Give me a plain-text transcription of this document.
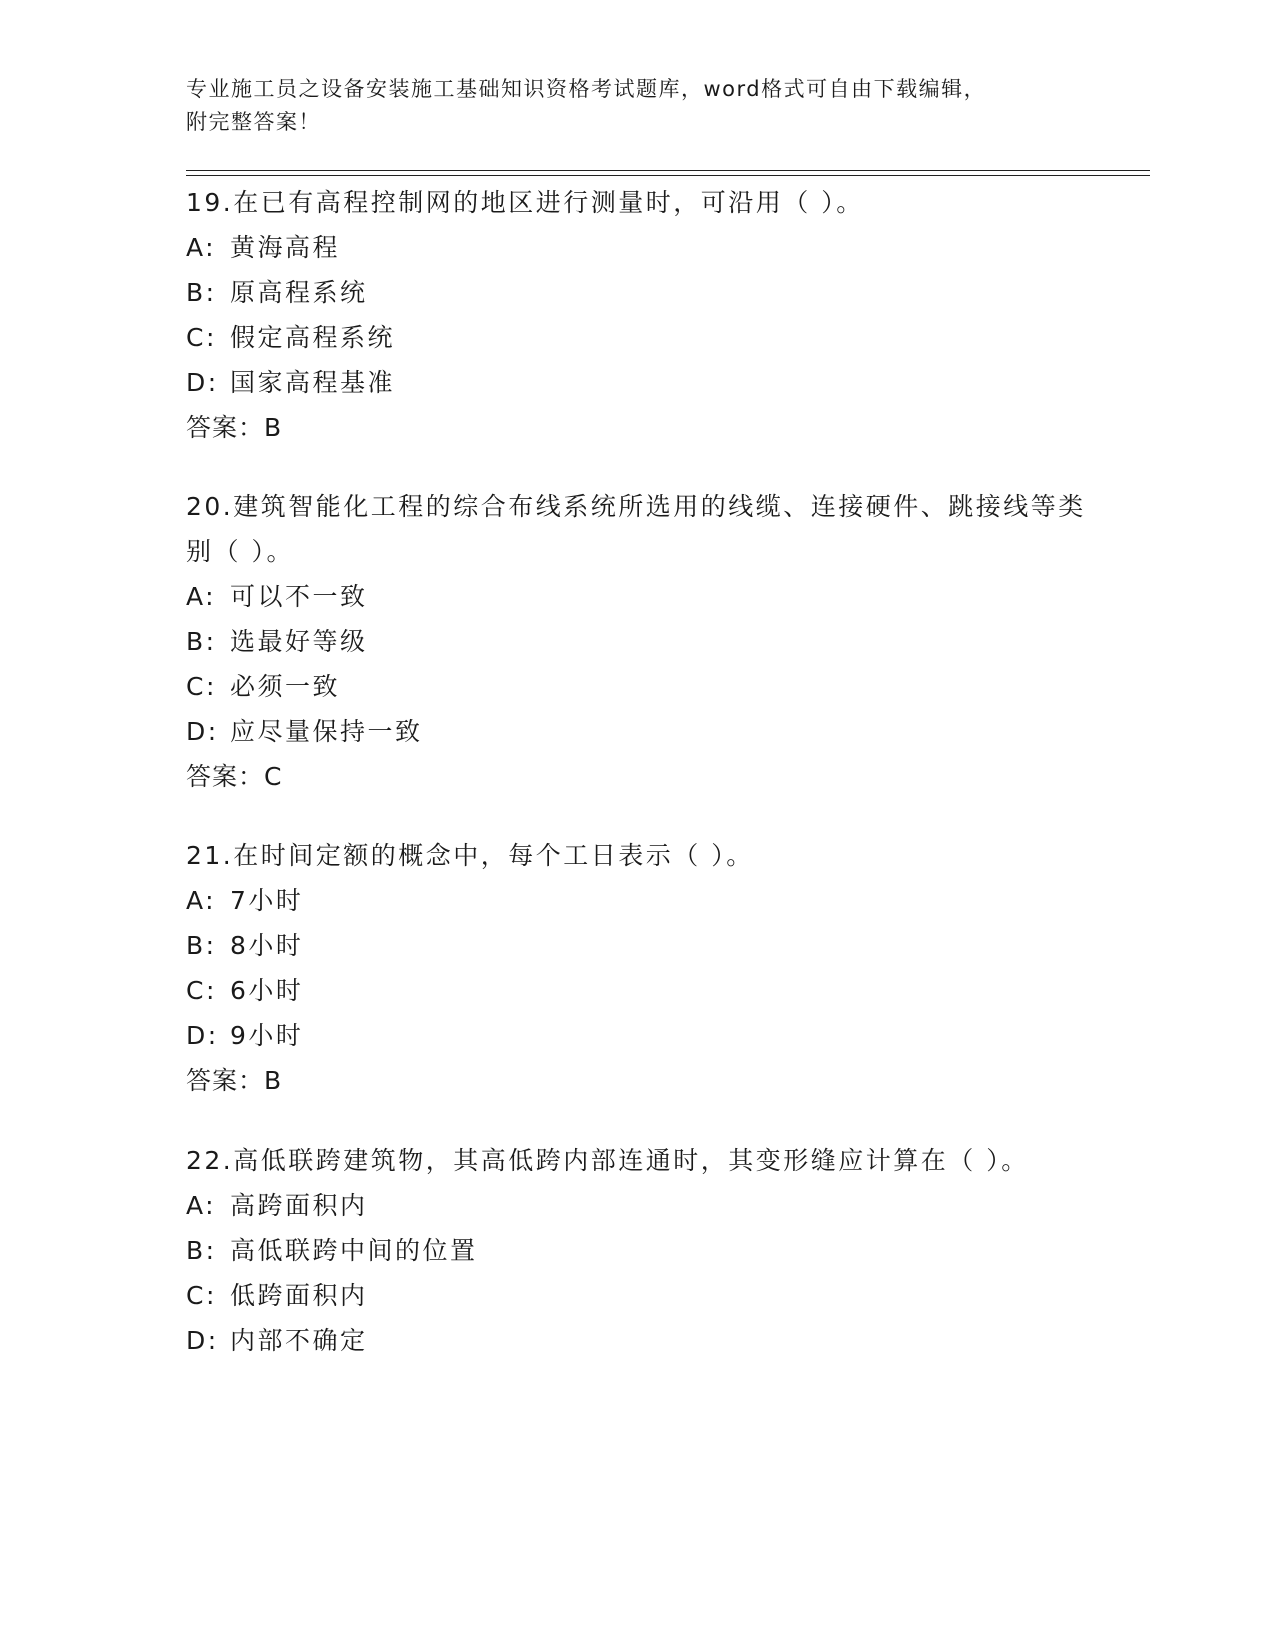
专业施工员之设备安装施工基础知识资格考试题库，word格式可自由下载编辑，
附完整答案！
19.在已有高程控制网的地区进行测量时，可沿用（ ）。
A: 黄海高程
B: 原高程系统
C: 假定高程系统
D: 国家高程基准
答案：B
20.建筑智能化工程的综合布线系统所选用的线缆、连接硬件、跳接线等类别（ ）。
A: 可以不一致
B: 选最好等级
C: 必须一致
D: 应尽量保持一致
答案：C
21.在时间定额的概念中，每个工日表示（ ）。
A: 7小时
B: 8小时
C: 6小时
D: 9小时
答案：B
22.高低联跨建筑物，其高低跨内部连通时，其变形缝应计算在（ ）。
A: 高跨面积内
B: 高低联跨中间的位置
C: 低跨面积内
D: 内部不确定
